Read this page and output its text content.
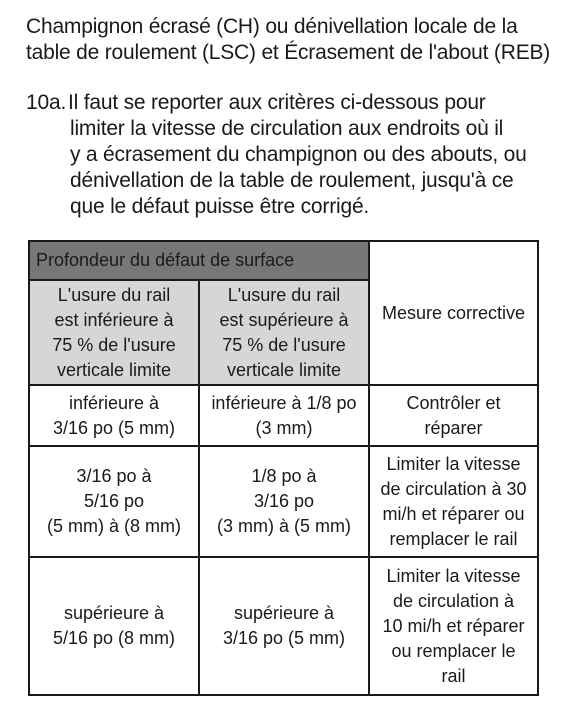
Champignon écrasé (CH) ou dénivellation locale de la
table de roulement (LSC) et Écrasement de l'about (REB)
10a. Il faut se reporter aux critères ci-dessous pour
limiter la vitesse de circulation aux endroits où il
y a écrasement du champignon ou des abouts, ou
dénivellation de la table de roulement, jusqu'à ce
que le défaut puisse être corrigé.
Profondeur du défaut de surface		Mesure corrective

L'usure du rail
est inférieure à
75 % de l'usure
verticale limite	L'usure du rail
est supérieure à
75 % de l'usure
verticale limite	

inférieure à
3/16 po (5 mm)	inférieure à 1/8 po
(3 mm)	Contrôler et
réparer

3/16 po à
5/16 po
(5 mm) à (8 mm)	1/8 po à
3/16 po
(3 mm) à (5 mm)	Limiter la vitesse
de circulation à 30
mi/h et réparer ou
remplacer le rail

supérieure à
5/16 po (8 mm)	supérieure à
3/16 po (5 mm)	Limiter la vitesse
de circulation à
10 mi/h et réparer
ou remplacer le
rail
